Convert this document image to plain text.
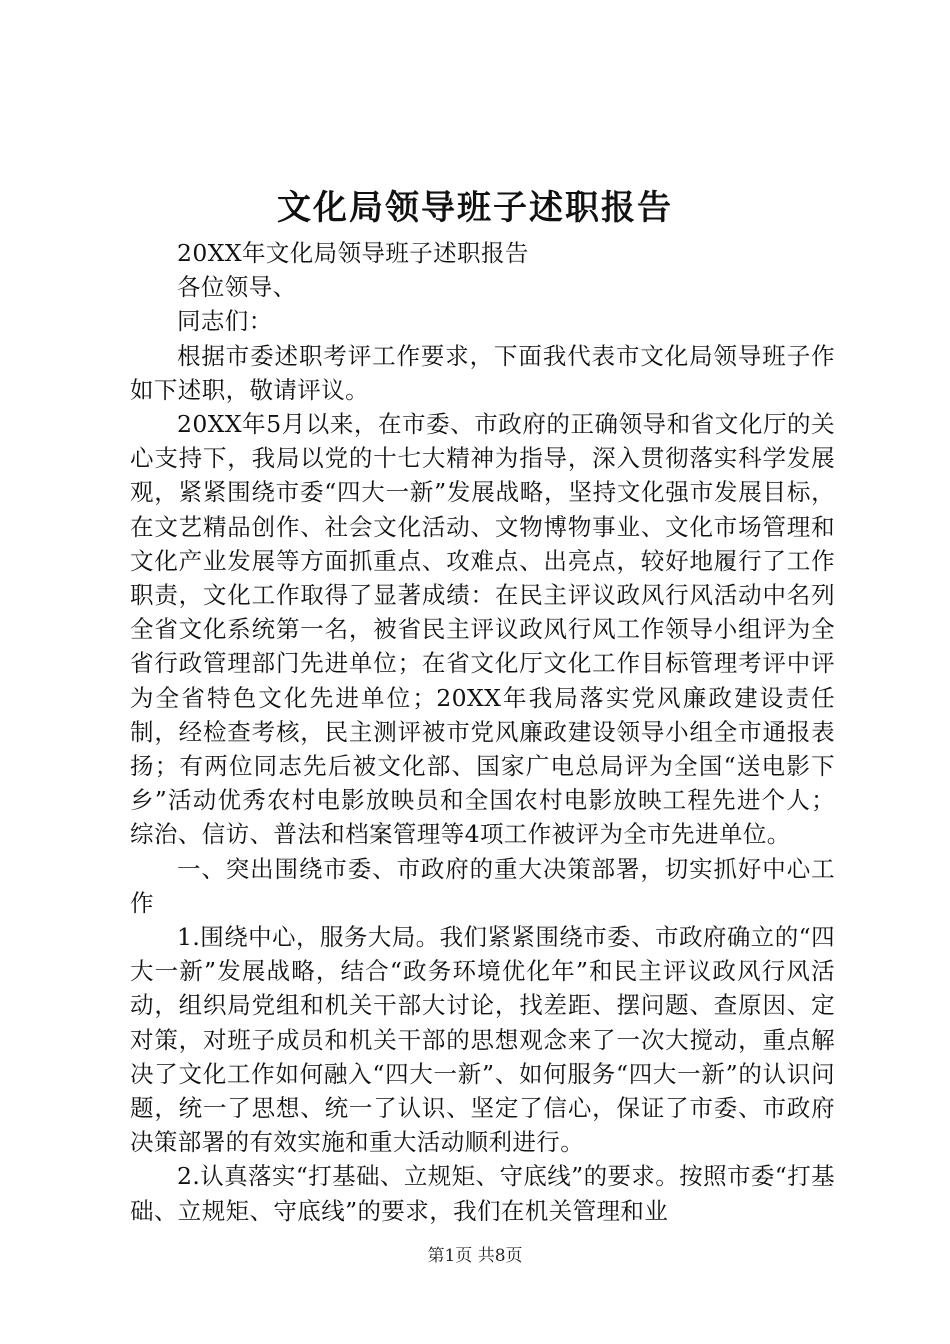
文化局领导班子述职报告

20XX年文化局领导班子述职报告

各位领导、

同志们：

根据市委述职考评工作要求，下面我代表市文化局领导班子作如下述职，敬请评议。

20XX年5月以来，在市委、市政府的正确领导和省文化厅的关心支持下，我局以党的十七大精神为指导，深入贯彻落实科学发展观，紧紧围绕市委“四大一新”发展战略，坚持文化强市发展目标，在文艺精品创作、社会文化活动、文物博物事业、文化市场管理和文化产业发展等方面抓重点、攻难点、出亮点，较好地履行了工作职责，文化工作取得了显著成绩：在民主评议政风行风活动中名列全省文化系统第一名，被省民主评议政风行风工作领导小组评为全省行政管理部门先进单位；在省文化厅文化工作目标管理考评中评为全省特色文化先进单位；20XX年我局落实党风廉政建设责任制，经检查考核，民主测评被市党风廉政建设领导小组全市通报表扬；有两位同志先后被文化部、国家广电总局评为全国“送电影下乡”活动优秀农村电影放映员和全国农村电影放映工程先进个人；综治、信访、普法和档案管理等4项工作被评为全市先进单位。

一、突出围绕市委、市政府的重大决策部署，切实抓好中心工作

1.围绕中心，服务大局。我们紧紧围绕市委、市政府确立的“四大一新”发展战略，结合“政务环境优化年”和民主评议政风行风活动，组织局党组和机关干部大讨论，找差距、摆问题、查原因、定对策，对班子成员和机关干部的思想观念来了一次大搅动，重点解决了文化工作如何融入“四大一新”、如何服务“四大一新”的认识问题，统一了思想、统一了认识、坚定了信心，保证了市委、市政府决策部署的有效实施和重大活动顺利进行。

2.认真落实“打基础、立规矩、守底线”的要求。按照市委“打基础、立规矩、守底线”的要求，我们在机关管理和业

第1页 共8页
